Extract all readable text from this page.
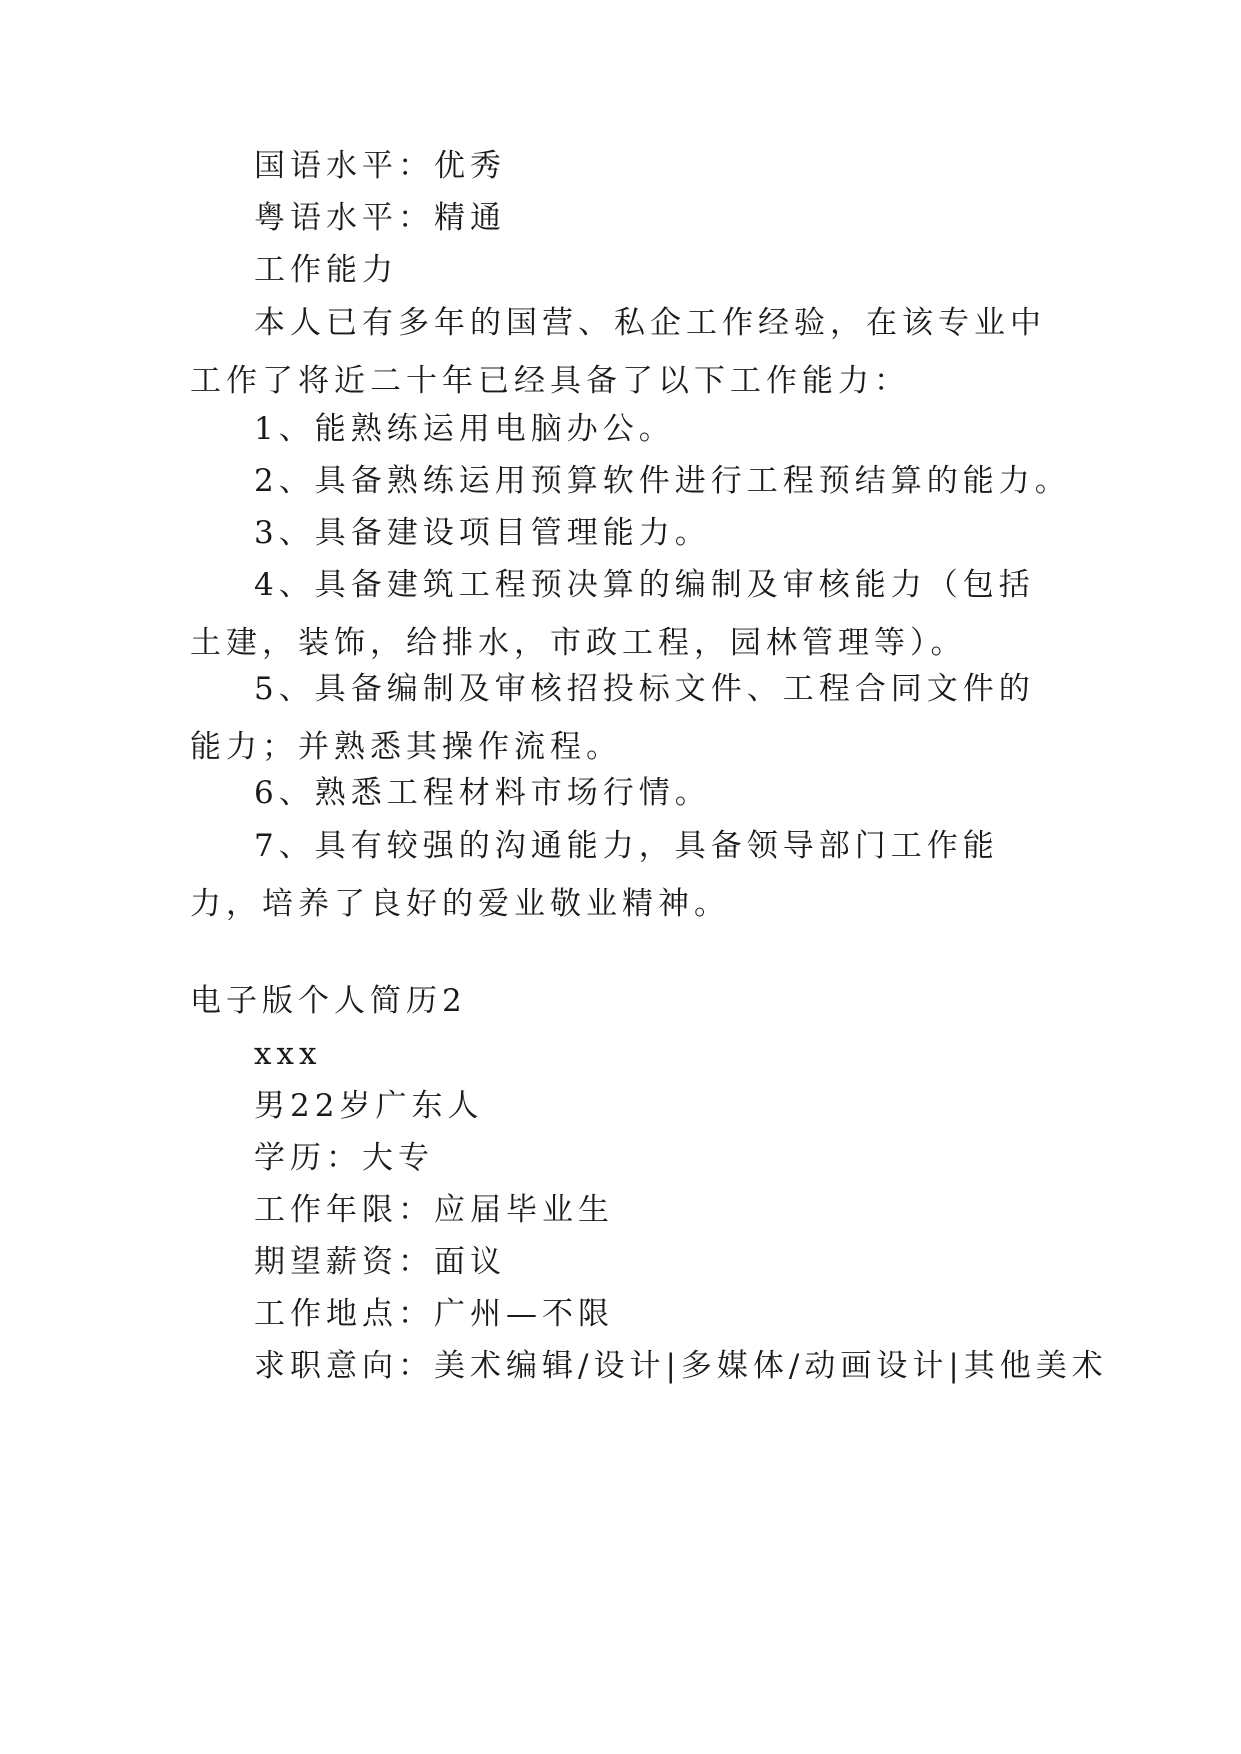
国语水平：优秀
粤语水平：精通
工作能力
本人已有多年的国营、私企工作经验，在该专业中工作了将近二十年已经具备了以下工作能力：
1、能熟练运用电脑办公。
2、具备熟练运用预算软件进行工程预结算的能力。
3、具备建设项目管理能力。
4、具备建筑工程预决算的编制及审核能力（包括土建，装饰，给排水，市政工程，园林管理等）。
5、具备编制及审核招投标文件、工程合同文件的能力；并熟悉其操作流程。
6、熟悉工程材料市场行情。
7、具有较强的沟通能力，具备领导部门工作能力，培养了良好的爱业敬业精神。
电子版个人简历2
xxx
男22岁广东人
学历：大专
工作年限：应届毕业生
期望薪资：面议
工作地点：广州—不限
求职意向：美术编辑/设计|多媒体/动画设计|其他美术
